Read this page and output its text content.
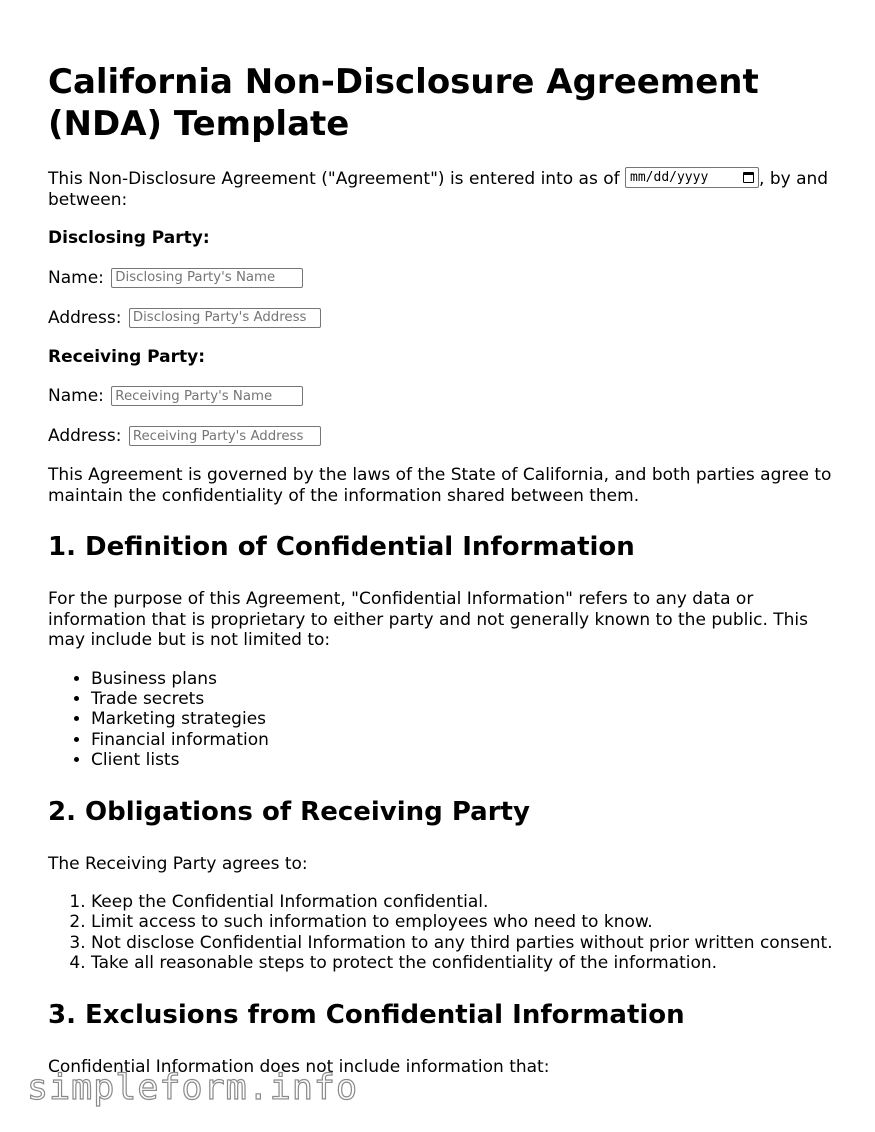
California Non-Disclosure Agreement (NDA) Template

This Non-Disclosure Agreement ("Agreement") is entered into as of mm/dd/yyyy	, by and between:

Disclosing Party:

Name: Disclosing Party's Name

Address: Disclosing Party's Address

Receiving Party:

Name: Receiving Party's Name

Address: Receiving Party's Address

This Agreement is governed by the laws of the State of California, and both parties agree to maintain the confidentiality of the information shared between them.

1. Definition of Confidential Information

For the purpose of this Agreement, "Confidential Information" refers to any data or information that is proprietary to either party and not generally known to the public. This may include but is not limited to:

• Business plans
• Trade secrets
• Marketing strategies
• Financial information
• Client lists
2. Obligations of Receiving Party

The Receiving Party agrees to:

1. Keep the Confidential Information confidential.
2. Limit access to such information to employees who need to know.
3. Not disclose Confidential Information to any third parties without prior written consent.
4. Take all reasonable steps to protect the confidentiality of the information.
3. Exclusions from Confidential Information

Confidential Information does not include information that:

simpleform.info
